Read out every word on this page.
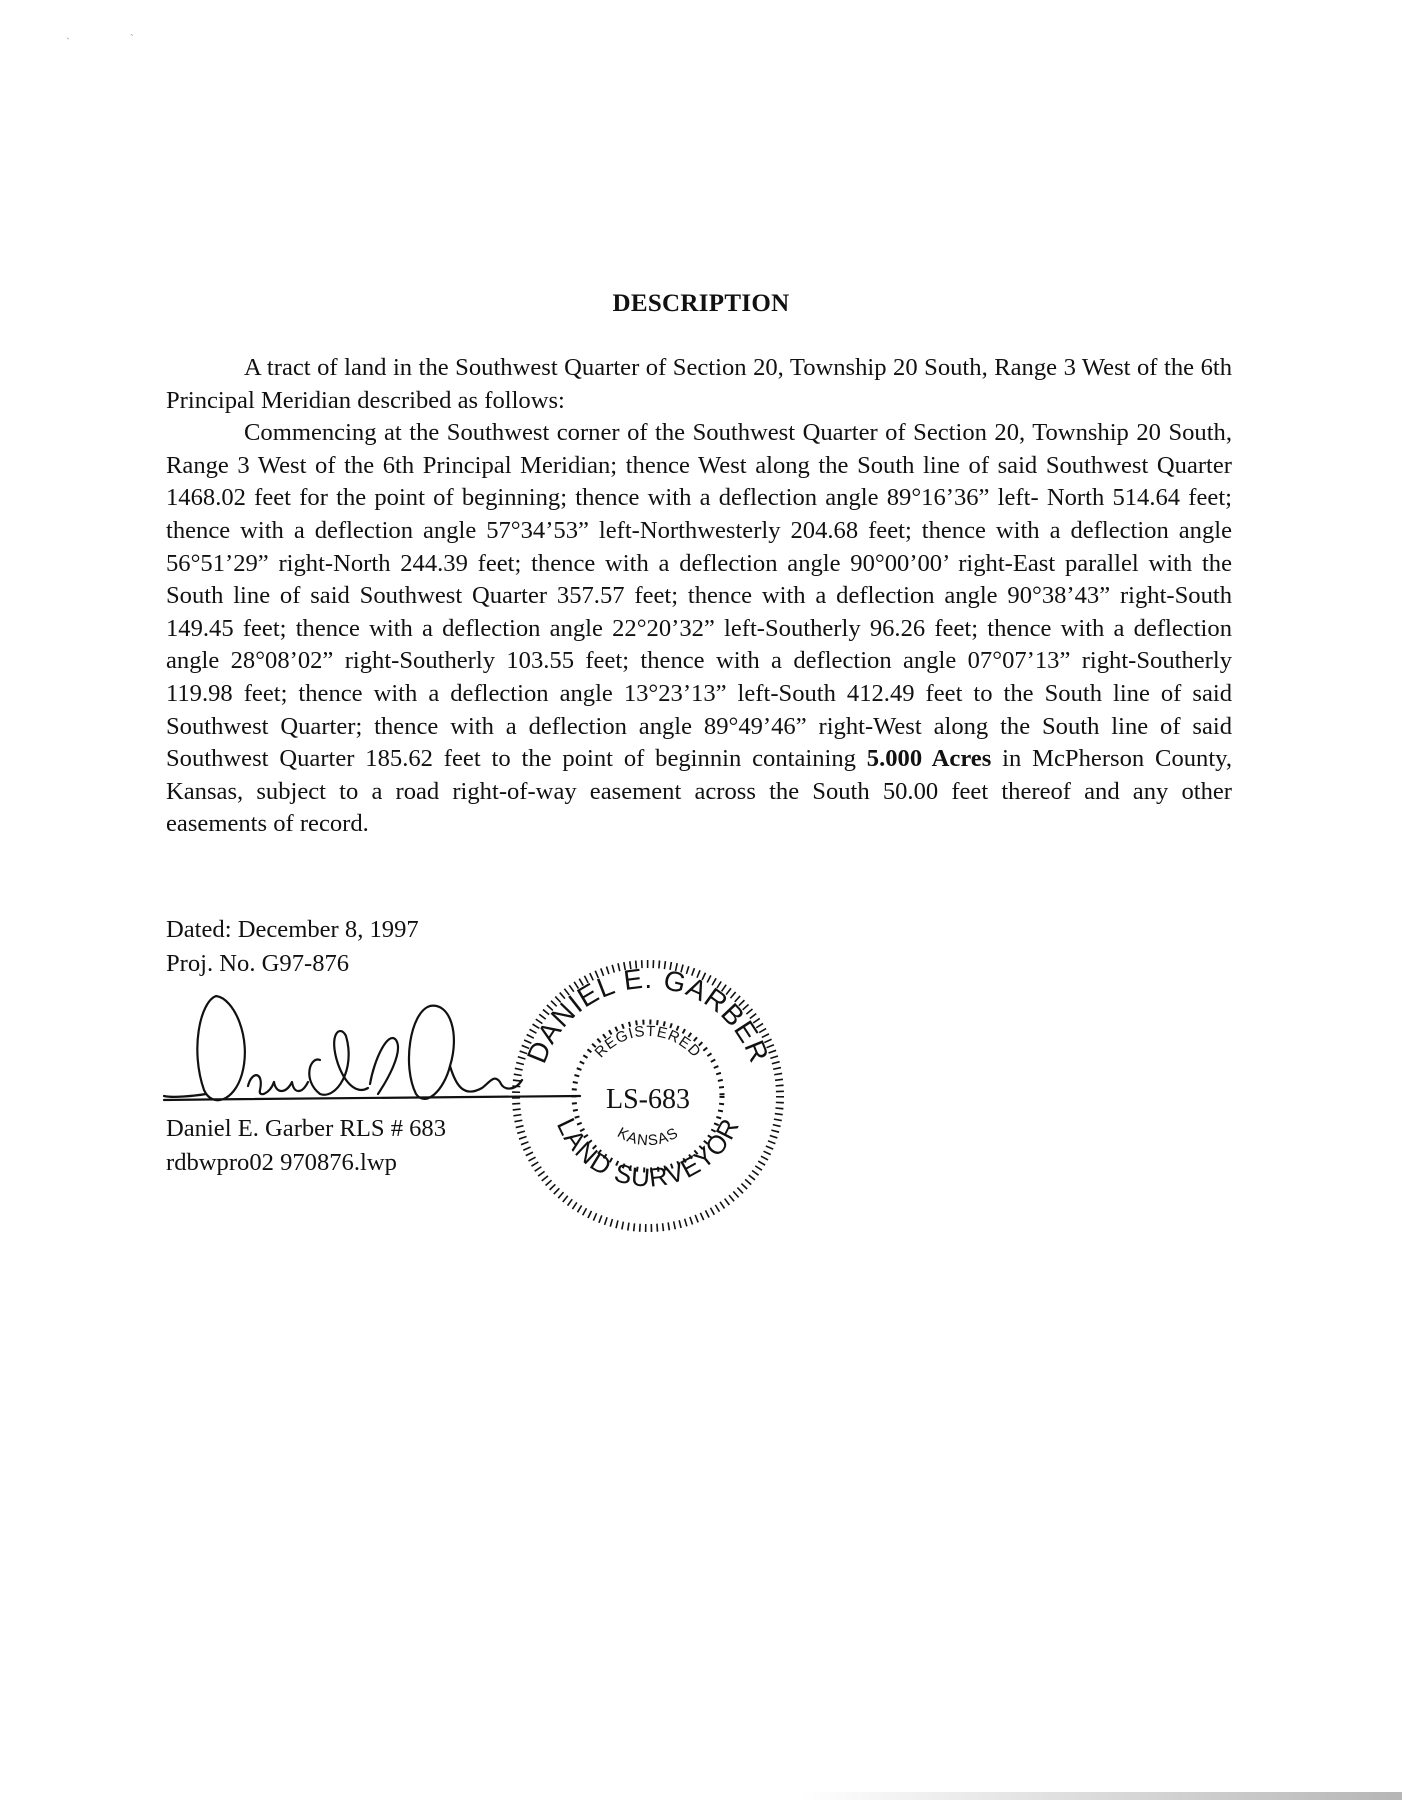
ˏ	˴
DESCRIPTION

A tract of land in the Southwest Quarter of Section 20, Township 20 South, Range 3 West of the 6th Principal Meridian described as follows:

Commencing at the Southwest corner of the Southwest Quarter of Section 20, Township 20 South, Range 3 West of the 6th Principal Meridian; thence West along the South line of said Southwest Quarter 1468.02 feet for the point of beginning; thence with a deflection angle 89°16’36” left- North 514.64 feet; thence with a deflection angle 57°34’53” left-Northwesterly 204.68 feet; thence with a deflection angle 56°51’29” right-North 244.39 feet; thence with a deflection angle 90°00’00’ right-East parallel with the South line of said Southwest Quarter 357.57 feet; thence with a deflection angle 90°38’43” right-South 149.45 feet; thence with a deflection angle 22°20’32” left-Southerly 96.26 feet; thence with a deflection angle 28°08’02” right-Southerly 103.55 feet; thence with a deflection angle 07°07’13” right-Southerly 119.98 feet; thence with a deflection angle 13°23’13” left-South 412.49 feet to the South line of said Southwest Quarter; thence with a deflection angle 89°49’46” right-West along the South line of said Southwest Quarter 185.62 feet to the point of beginnin containing 5.000 Acres in McPherson County, Kansas, subject to a road right-of-way easement across the South 50.00 feet thereof and any other easements of record.

Dated: December 8, 1997
Proj. No. G97-876
Daniel E. Garber RLS # 683
rdbwpro02 970876.lwp
DANIEL E. GARBER
LAND SURVEYOR
REGISTERED
KANSAS
LS-683
